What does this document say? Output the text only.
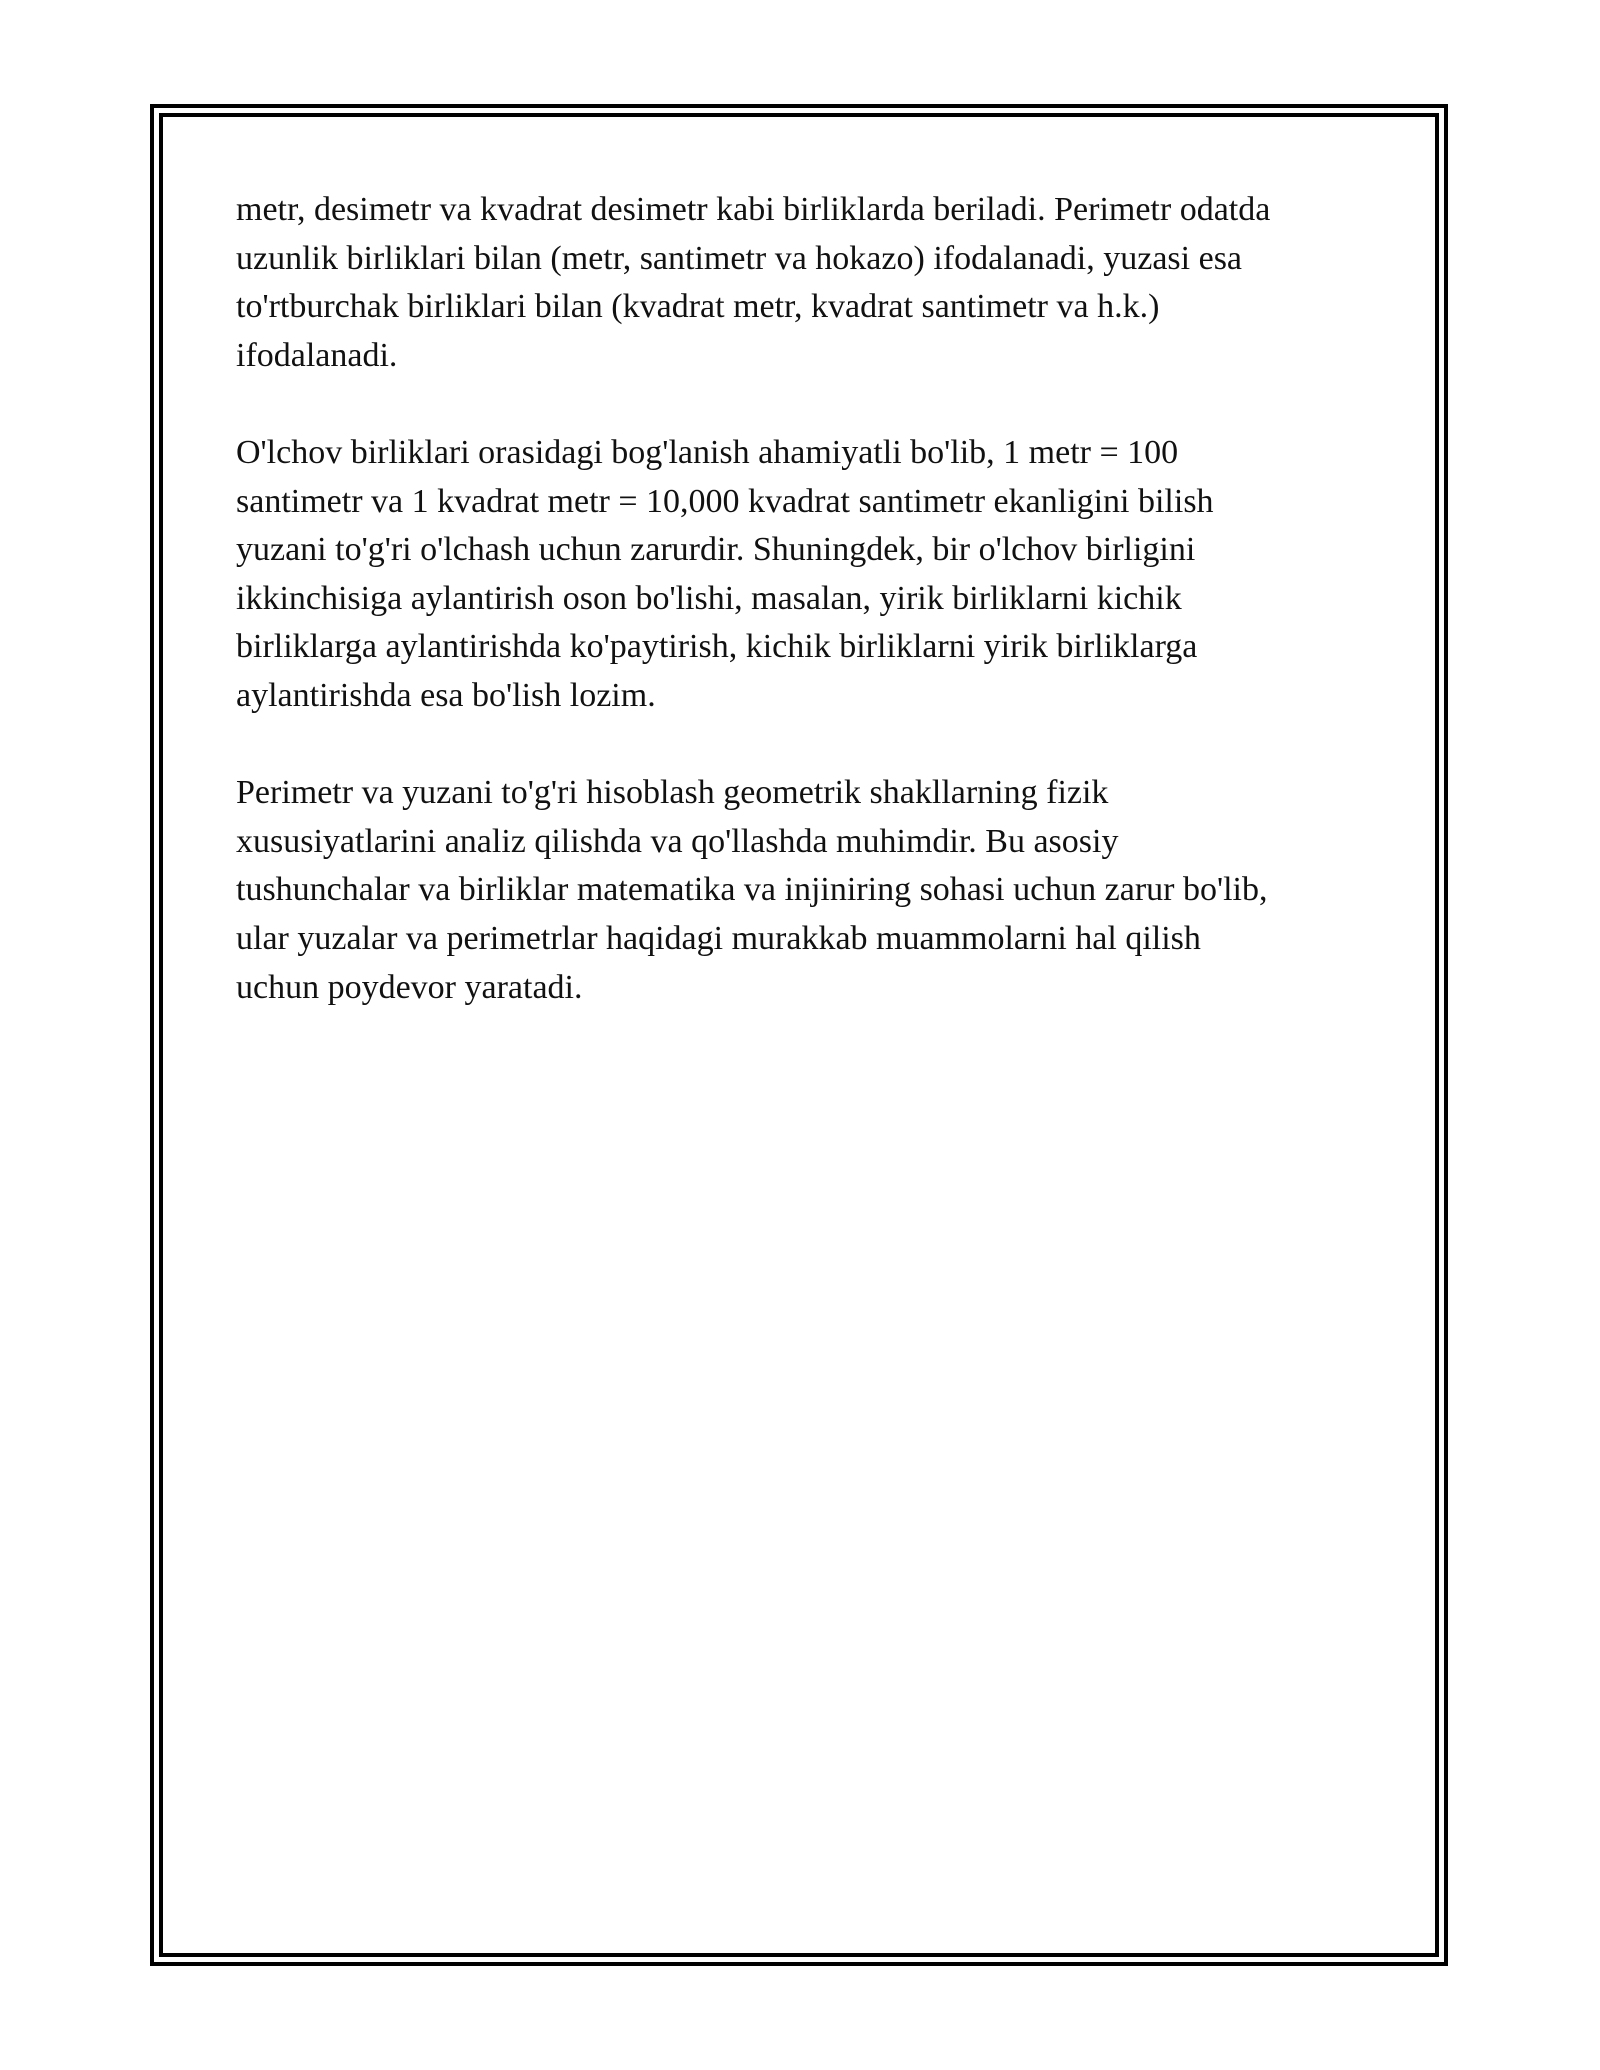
metr, desimetr va kvadrat desimetr kabi birliklarda beriladi. Perimetr odatda
uzunlik birliklari bilan (metr, santimetr va hokazo) ifodalanadi, yuzasi esa
to'rtburchak birliklari bilan (kvadrat metr, kvadrat santimetr va h.k.)
ifodalanadi.

O'lchov birliklari orasidagi bog'lanish ahamiyatli bo'lib, 1 metr = 100
santimetr va 1 kvadrat metr = 10,000 kvadrat santimetr ekanligini bilish
yuzani to'g'ri o'lchash uchun zarurdir. Shuningdek, bir o'lchov birligini
ikkinchisiga aylantirish oson bo'lishi, masalan, yirik birliklarni kichik
birliklarga aylantirishda ko'paytirish, kichik birliklarni yirik birliklarga
aylantirishda esa bo'lish lozim.

Perimetr va yuzani to'g'ri hisoblash geometrik shakllarning fizik
xususiyatlarini analiz qilishda va qo'llashda muhimdir. Bu asosiy
tushunchalar va birliklar matematika va injiniring sohasi uchun zarur bo'lib,
ular yuzalar va perimetrlar haqidagi murakkab muammolarni hal qilish
uchun poydevor yaratadi.
